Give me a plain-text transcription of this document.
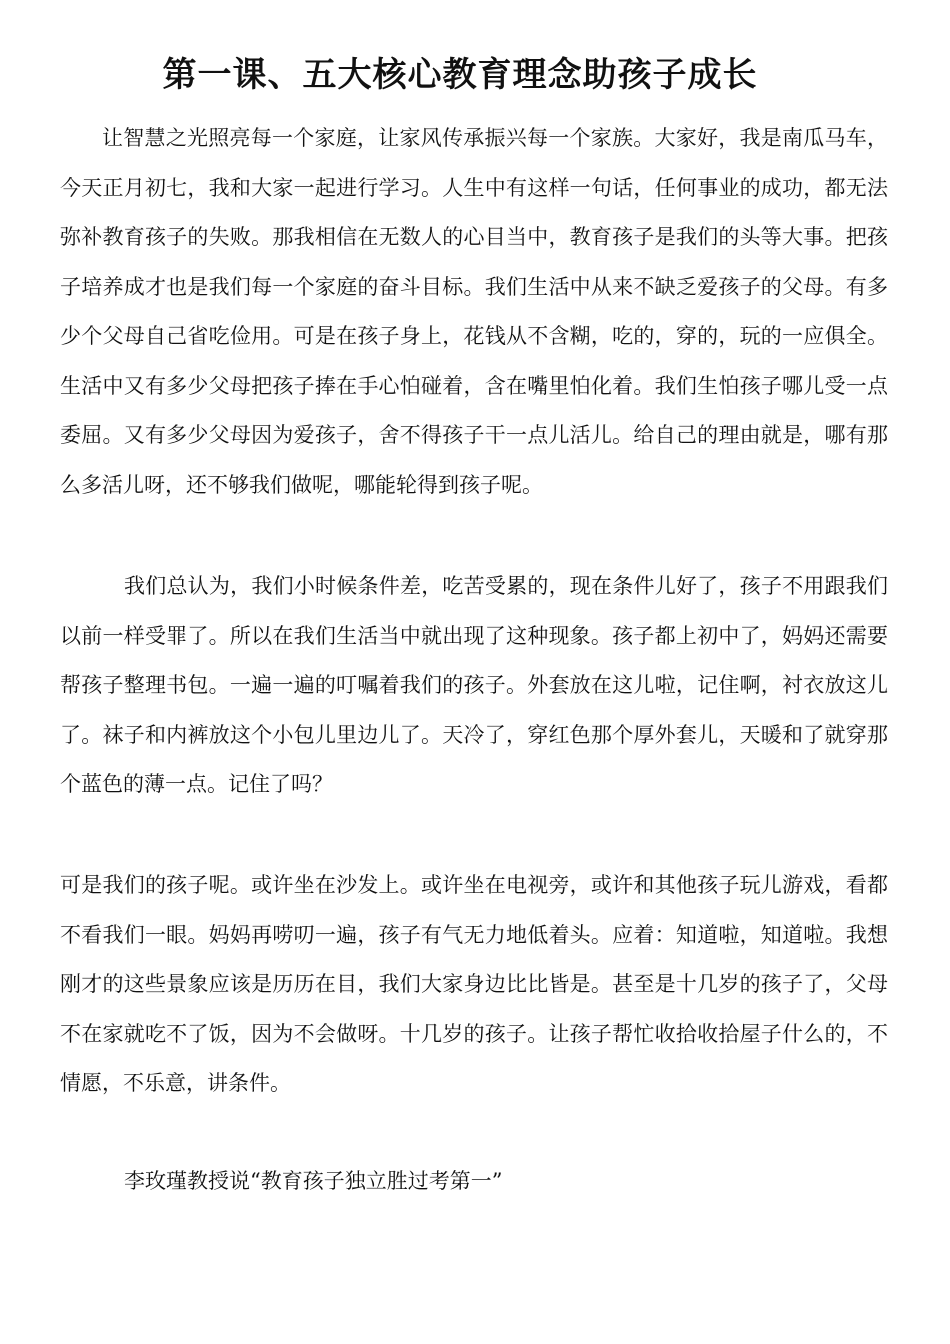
第一课、五大核心教育理念助孩子成长

让智慧之光照亮每一个家庭，让家风传承振兴每一个家族。大家好，我是南瓜马车，今天正月初七，我和大家一起进行学习。人生中有这样一句话，任何事业的成功，都无法弥补教育孩子的失败。那我相信在无数人的心目当中，教育孩子是我们的头等大事。把孩子培养成才也是我们每一个家庭的奋斗目标。我们生活中从来不缺乏爱孩子的父母。有多少个父母自己省吃俭用。可是在孩子身上，花钱从不含糊，吃的，穿的，玩的一应俱全。生活中又有多少父母把孩子捧在手心怕碰着，含在嘴里怕化着。我们生怕孩子哪儿受一点委屈。又有多少父母因为爱孩子，舍不得孩子干一点儿活儿。给自己的理由就是，哪有那么多活儿呀，还不够我们做呢，哪能轮得到孩子呢。

我们总认为，我们小时候条件差，吃苦受累的，现在条件儿好了，孩子不用跟我们以前一样受罪了。所以在我们生活当中就出现了这种现象。孩子都上初中了，妈妈还需要帮孩子整理书包。一遍一遍的叮嘱着我们的孩子。外套放在这儿啦，记住啊，衬衣放这儿了。袜子和内裤放这个小包儿里边儿了。天冷了，穿红色那个厚外套儿，天暖和了就穿那个蓝色的薄一点。记住了吗？

可是我们的孩子呢。或许坐在沙发上。或许坐在电视旁，或许和其他孩子玩儿游戏，看都不看我们一眼。妈妈再唠叨一遍，孩子有气无力地低着头。应着：知道啦，知道啦。我想刚才的这些景象应该是历历在目，我们大家身边比比皆是。甚至是十几岁的孩子了，父母不在家就吃不了饭，因为不会做呀。十几岁的孩子。让孩子帮忙收拾收拾屋子什么的，不情愿，不乐意，讲条件。

李玫瑾教授说“教育孩子独立胜过考第一”
